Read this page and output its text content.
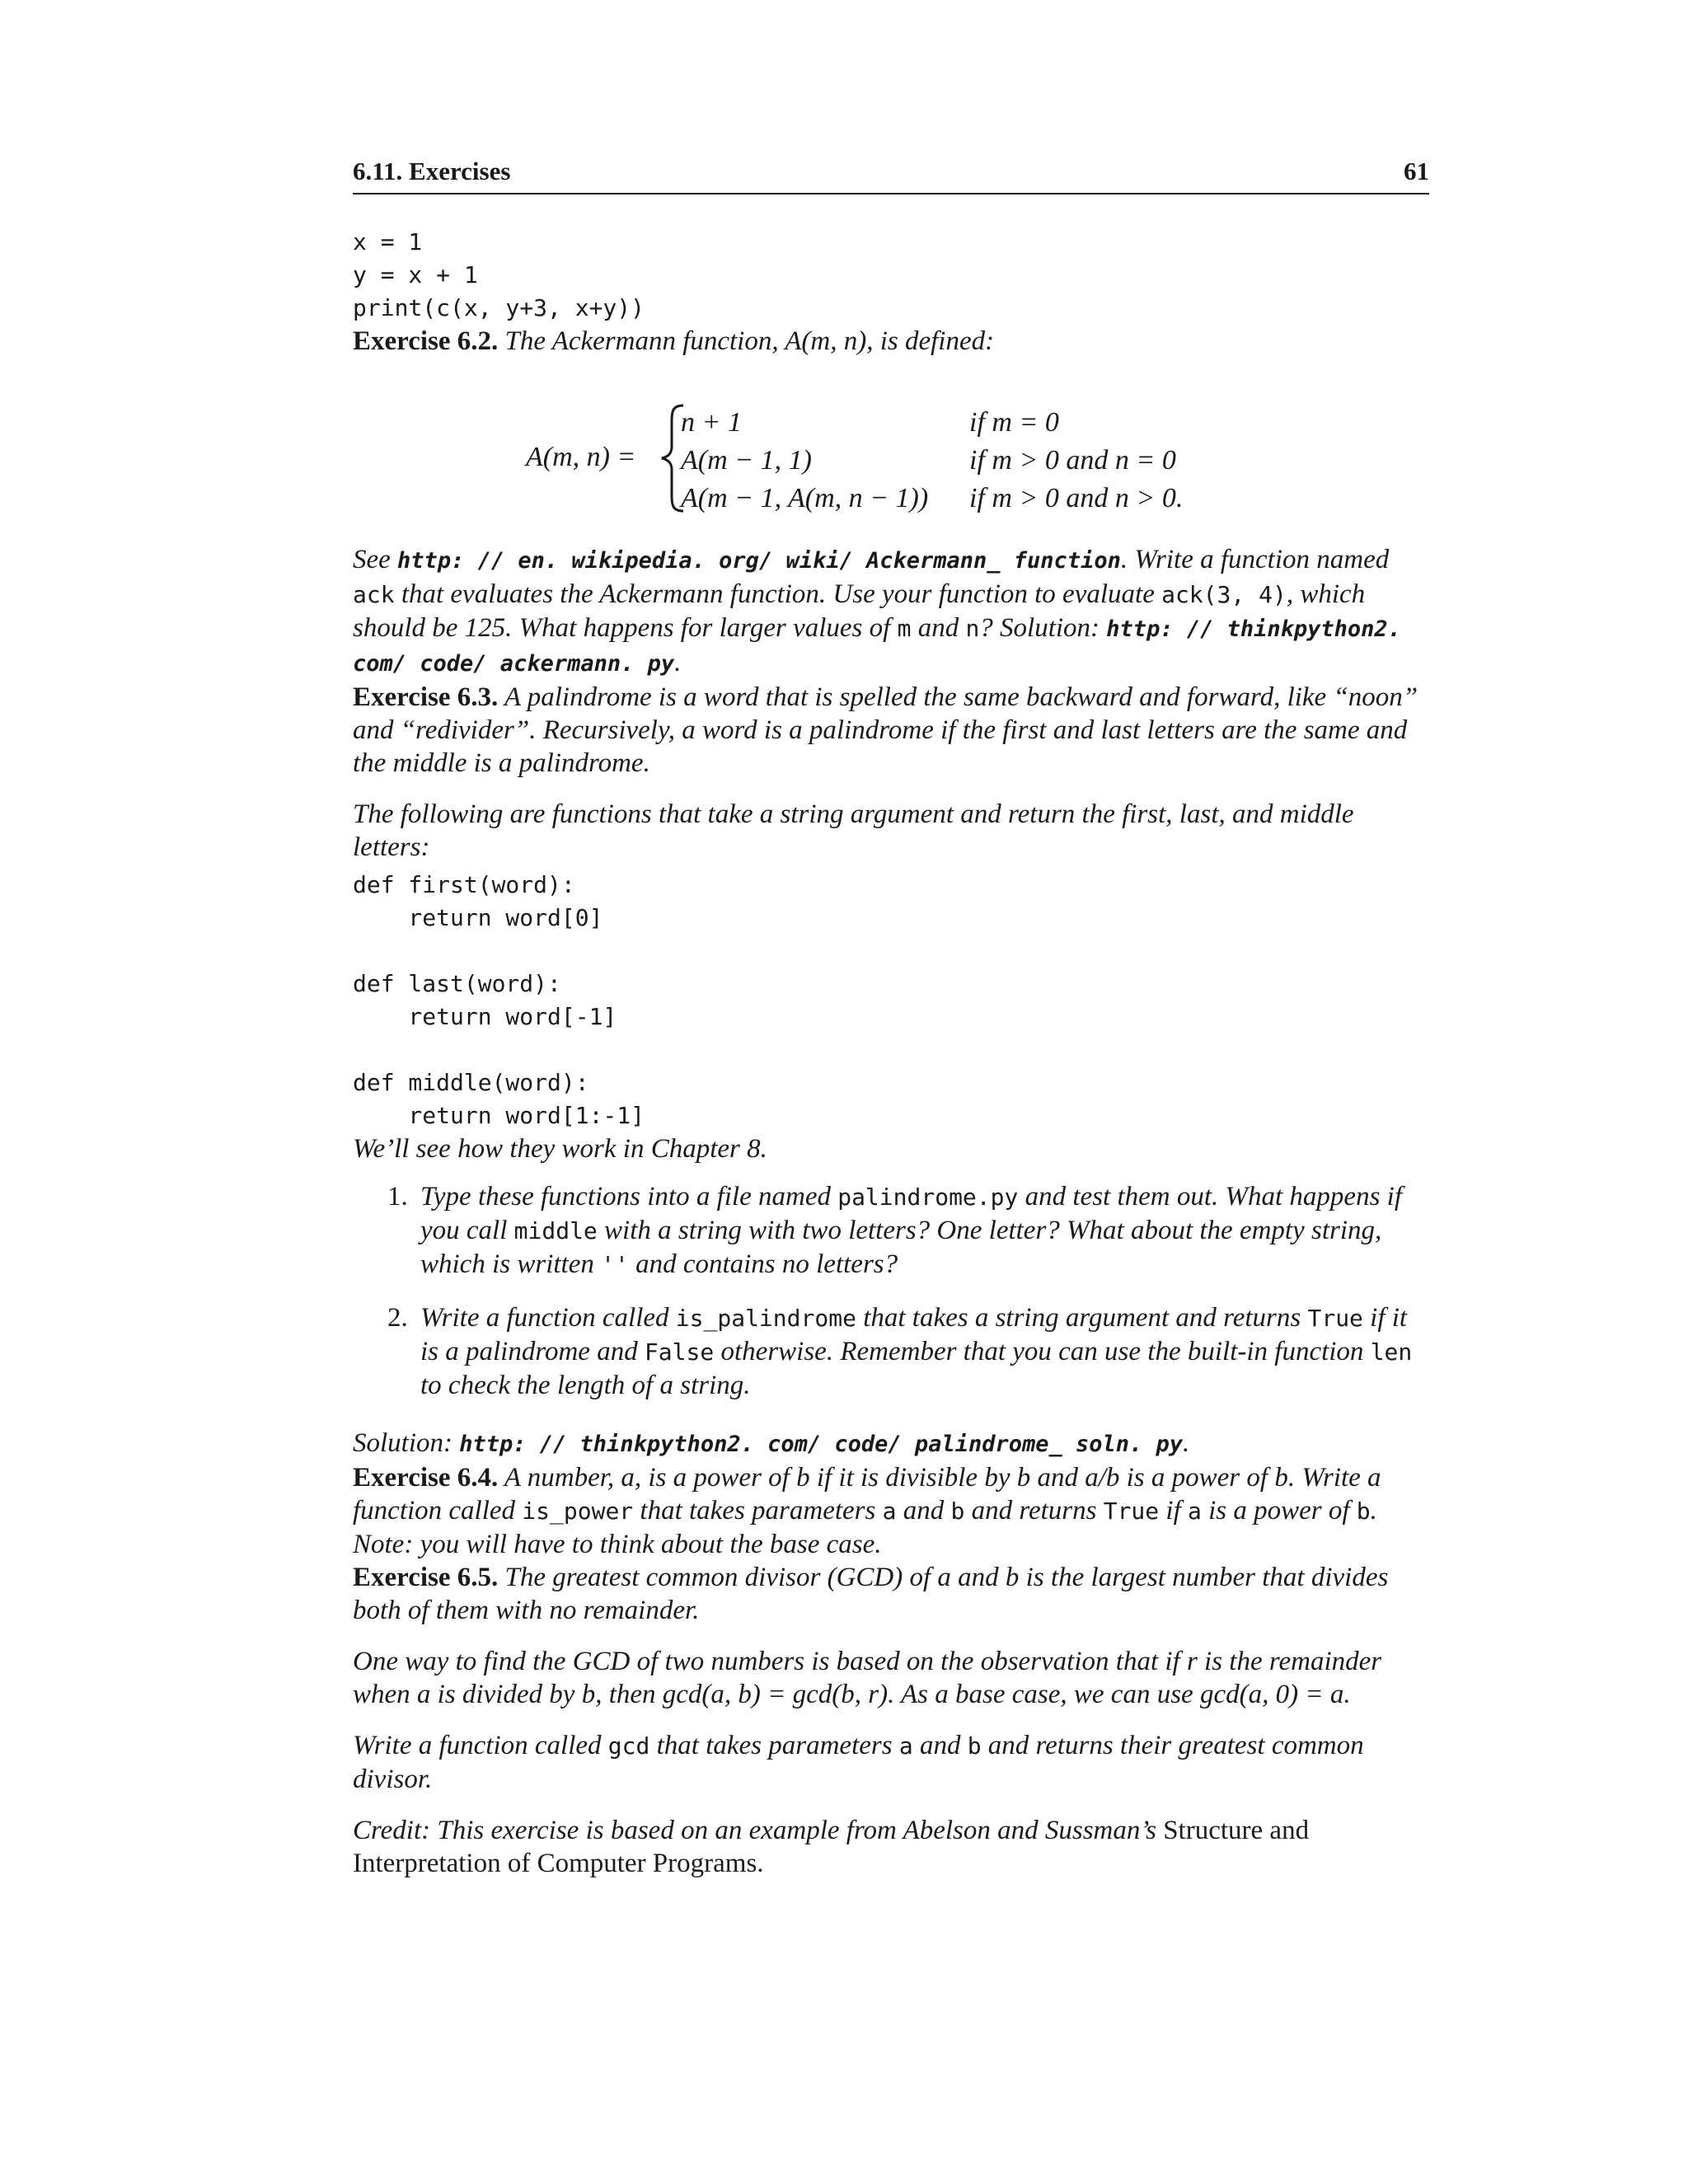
6.11. Exercises	61
x = 1
y = x + 1
print(c(x, y+3, x+y))

Exercise 6.2. The Ackermann function, A(m, n), is defined:

A(m, n) =
n + 1	if m = 0
A(m − 1, 1)	if m > 0 and n = 0
A(m − 1, A(m, n − 1))	if m > 0 and n > 0.

See http: // en. wikipedia. org/ wiki/ Ackermann_ function. Write a function named ack that evaluates the Ackermann function. Use your function to evaluate ack(3, 4), which should be 125. What happens for larger values of m and n? Solution: http: // thinkpython2. com/ code/ ackermann. py.

Exercise 6.3. A palindrome is a word that is spelled the same backward and forward, like “noon” and “redivider”. Recursively, a word is a palindrome if the first and last letters are the same and the middle is a palindrome.

The following are functions that take a string argument and return the first, last, and middle letters:

def first(word):
return word[0]

def last(word):
return word[-1]

def middle(word):
return word[1:-1]

We’ll see how they work in Chapter 8.

1. Type these functions into a file named palindrome.py and test them out. What happens if you call middle with a string with two letters? One letter? What about the empty string, which is written '' and contains no letters?
2. Write a function called is_palindrome that takes a string argument and returns True if it is a palindrome and False otherwise. Remember that you can use the built-in function len to check the length of a string.

Solution: http: // thinkpython2. com/ code/ palindrome_ soln. py.

Exercise 6.4. A number, a, is a power of b if it is divisible by b and a/b is a power of b. Write a function called is_power that takes parameters a and b and returns True if a is a power of b. Note: you will have to think about the base case.

Exercise 6.5. The greatest common divisor (GCD) of a and b is the largest number that divides both of them with no remainder.

One way to find the GCD of two numbers is based on the observation that if r is the remainder when a is divided by b, then gcd(a, b) = gcd(b, r). As a base case, we can use gcd(a, 0) = a.

Write a function called gcd that takes parameters a and b and returns their greatest common divisor.

Credit: This exercise is based on an example from Abelson and Sussman’s Structure and Interpretation of Computer Programs.
